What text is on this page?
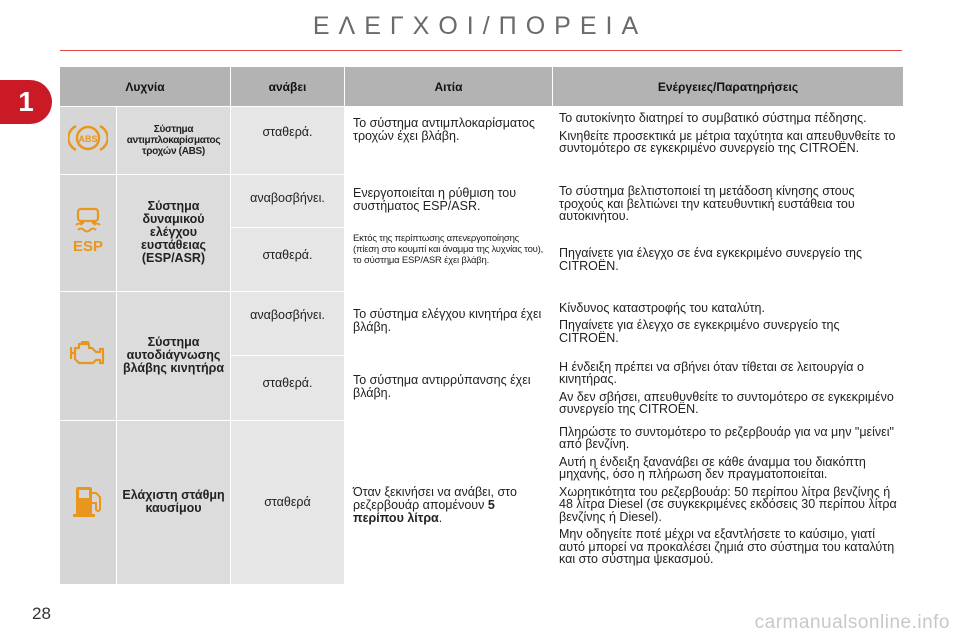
ΕΛΕΓΧΟΙ/ΠΟΡΕΙΑ
1	Λυχνία		ανάβει	Αιτία	Ενέργειες/Παρατηρήσεις

ABS	Σύστημα αντιμπλοκαρίσματος τροχών (ABS)	σταθερά.	Το σύστημα αντιμπλοκαρίσματος τροχών έχει βλάβη.	Το αυτοκίνητο διατηρεί το συμβατικό σύστημα πέδησης.

Κινηθείτε προσεκτικά με μέτρια ταχύτητα και απευθυνθείτε το συντομότερο σε εγκεκριμένο συνεργείο της CITROËN.

ESP	Σύστημα δυναμικού ελέγχου ευστάθειας (ESP/ASR)	αναβοσβήνει.	Ενεργοποιείται η ρύθμιση του συστήματος ESP/ASR.	Το σύστημα βελτιστοποιεί τη μετάδοση κίνησης στους τροχούς και βελτιώνει την κατευθυντική ευστάθεια του αυτοκινήτου.
		σταθερά.	Εκτός της περίπτωσης απενεργοποίησης (πίεση στο κουμπί και άναμμα της λυχνίας του), το σύστημα ESP/ASR έχει βλάβη.	Πηγαίνετε για έλεγχο σε ένα εγκεκριμένο συνεργείο της CITROËN.
	Σύστημα αυτοδιάγνωσης βλάβης κινητήρα	αναβοσβήνει.	Το σύστημα ελέγχου κινητήρα έχει βλάβη.	Κίνδυνος καταστροφής του καταλύτη.

Πηγαίνετε για έλεγχο σε εγκεκριμένο συνεργείο της CITROËN.

		σταθερά.	Το σύστημα αντιρρύπανσης έχει βλάβη.	Η ένδειξη πρέπει να σβήνει όταν τίθεται σε λειτουργία ο κινητήρας.

Αν δεν σβήσει, απευθυνθείτε το συντομότερο σε εγκεκριμένο συνεργείο της CITROËN.

	Ελάχιστη στάθμη καυσίμου	σταθερά	Όταν ξεκινήσει να ανάβει, στο ρεζερβουάρ απομένουν 5 περίπου λίτρα.	Πληρώστε το συντομότερο το ρεζερβουάρ για να μην "μείνει" από βενζίνη.

Αυτή η ένδειξη ξανανάβει σε κάθε άναμμα του διακόπτη μηχανής, όσο η πλήρωση δεν πραγματοποιείται.

Χωρητικότητα του ρεζερβουάρ: 50 περίπου λίτρα βενζίνης ή 48 λίτρα Diesel (σε συγκεκριμένες εκδόσεις 30 περίπου λίτρα βενζίνης ή Diesel).

Μην οδηγείτε ποτέ μέχρι να εξαντλήσετε το καύσιμο, γιατί αυτό μπορεί να προκαλέσει ζημιά στο σύστημα του καταλύτη και στο σύστημα ψεκασμού.

28	carmanualsonline.info
